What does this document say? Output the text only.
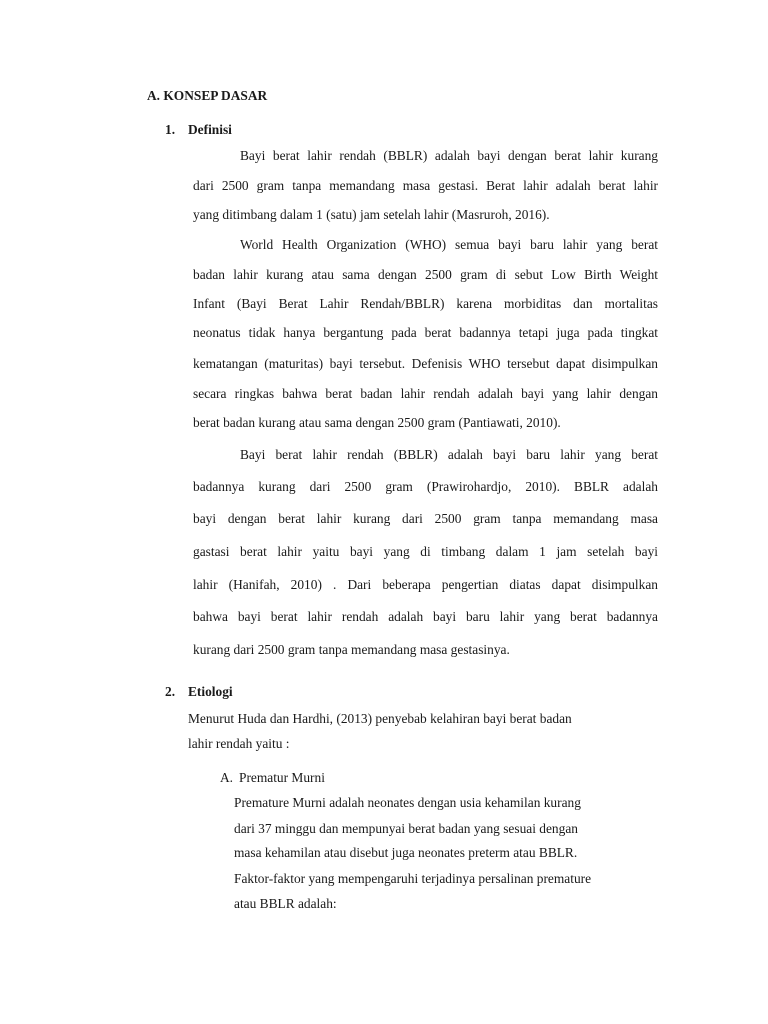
A. KONSEP DASAR
1. Definisi
Bayi berat lahir rendah (BBLR) adalah bayi dengan berat lahir kurang
dari 2500 gram tanpa memandang masa gestasi. Berat lahir adalah berat lahir
yang ditimbang dalam 1 (satu) jam setelah lahir (Masruroh, 2016).
World Health Organization (WHO) semua bayi baru lahir yang berat
badan lahir kurang atau sama dengan 2500 gram di sebut Low Birth Weight
Infant (Bayi Berat Lahir Rendah/BBLR) karena morbiditas dan mortalitas
neonatus tidak hanya bergantung pada berat badannya tetapi juga pada tingkat
kematangan (maturitas) bayi tersebut. Defenisis WHO tersebut dapat disimpulkan
secara ringkas bahwa berat badan lahir rendah adalah bayi yang lahir dengan
berat badan kurang atau sama dengan 2500 gram (Pantiawati, 2010).
Bayi berat lahir rendah (BBLR) adalah bayi baru lahir yang berat
badannya kurang dari 2500 gram (Prawirohardjo, 2010). BBLR adalah
bayi dengan berat lahir kurang dari 2500 gram tanpa memandang masa
gastasi berat lahir yaitu bayi yang di timbang dalam 1 jam setelah bayi
lahir (Hanifah, 2010) . Dari beberapa pengertian diatas dapat disimpulkan
bahwa bayi berat lahir rendah adalah bayi baru lahir yang berat badannya
kurang dari 2500 gram tanpa memandang masa gestasinya.
2. Etiologi
Menurut Huda dan Hardhi, (2013) penyebab kelahiran bayi berat badan
lahir rendah yaitu :
A. Prematur Murni
Premature Murni adalah neonates dengan usia kehamilan kurang
dari 37 minggu dan mempunyai berat badan yang sesuai dengan
masa kehamilan atau disebut juga neonates preterm atau BBLR.
Faktor-faktor yang mempengaruhi terjadinya persalinan premature
atau BBLR adalah:
